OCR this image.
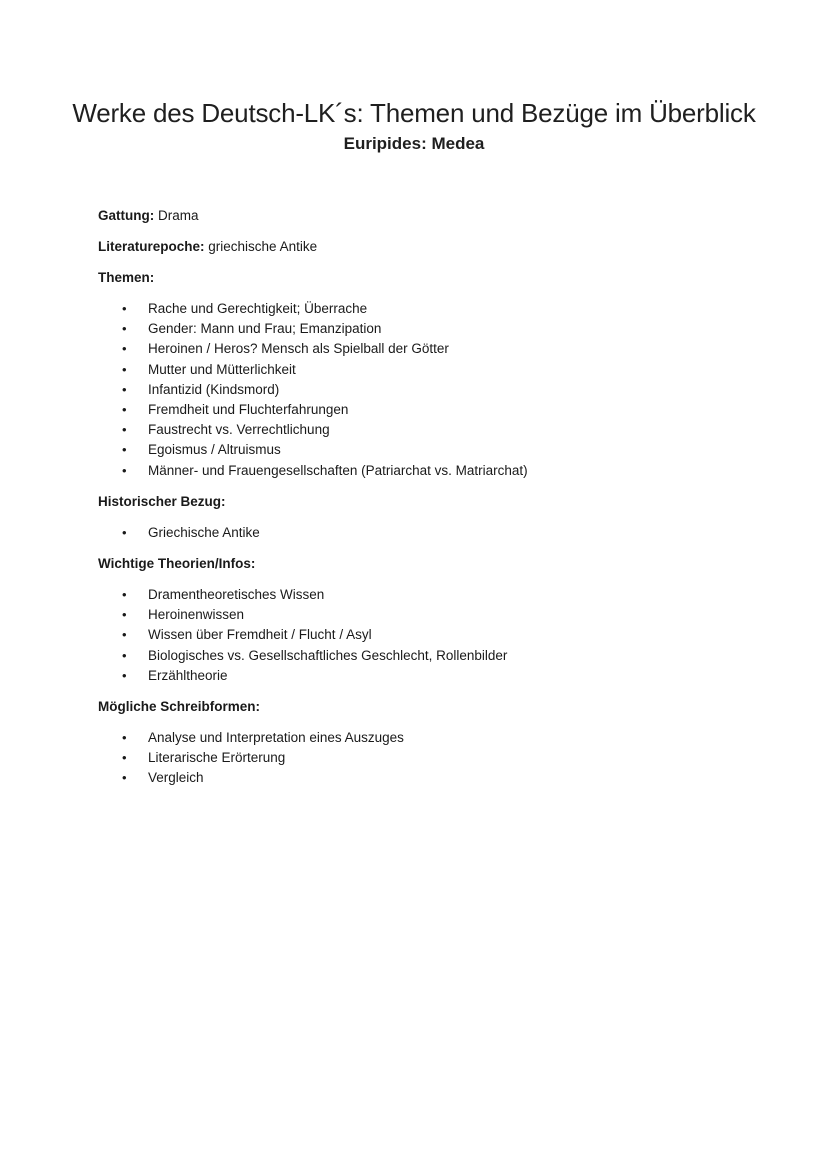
Werke des Deutsch-LK´s: Themen und Bezüge im Überblick
Euripides: Medea
Gattung: Drama
Literaturepoche: griechische Antike
Themen:
• Rache und Gerechtigkeit; Überrache
• Gender: Mann und Frau; Emanzipation
• Heroinen / Heros? Mensch als Spielball der Götter
• Mutter und Mütterlichkeit
• Infantizid (Kindsmord)
• Fremdheit und Fluchterfahrungen
• Faustrecht vs. Verrechtlichung
• Egoismus / Altruismus
• Männer- und Frauengesellschaften (Patriarchat vs. Matriarchat)
Historischer Bezug:
• Griechische Antike
Wichtige Theorien/Infos:
• Dramentheoretisches Wissen
• Heroinenwissen
• Wissen über Fremdheit / Flucht / Asyl
• Biologisches vs. Gesellschaftliches Geschlecht, Rollenbilder
• Erzähltheorie
Mögliche Schreibformen:
• Analyse und Interpretation eines Auszuges
• Literarische Erörterung
• Vergleich
